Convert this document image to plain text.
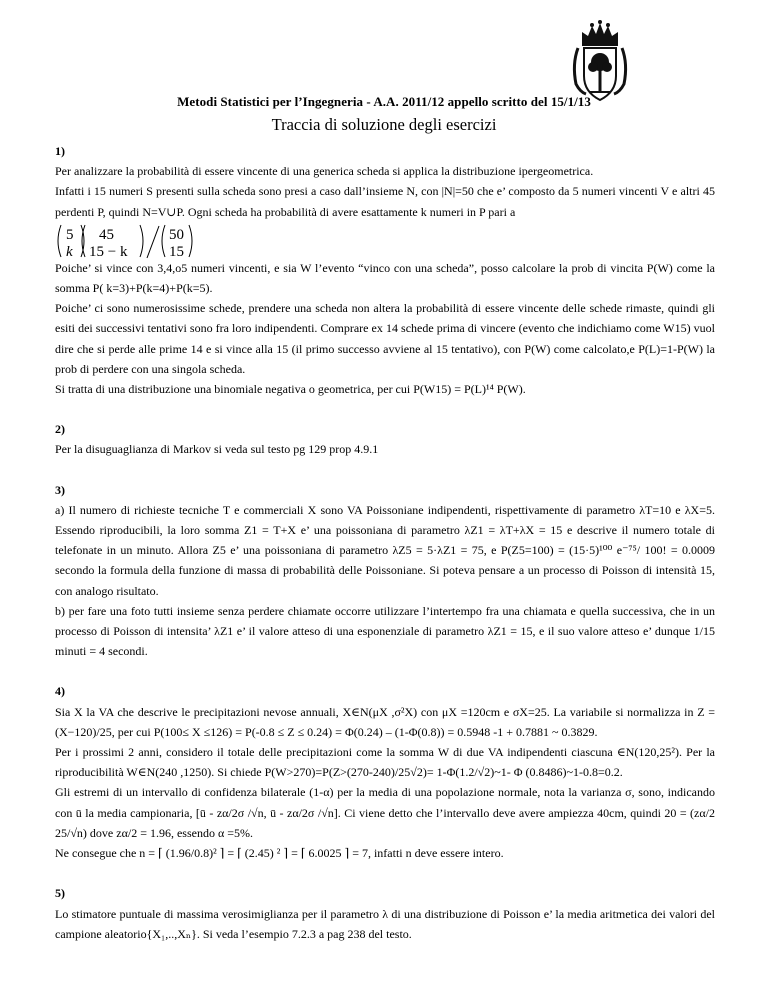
Metodi Statistici per l’Ingegneria - A.A. 2011/12 appello scritto del 15/1/13
Traccia di soluzione degli esercizi

1)

Per analizzare la probabilità di essere vincente di una generica scheda si applica la distribuzione ipergeometrica.

Infatti i 15 numeri S presenti sulla scheda sono presi a caso dall’insieme N, con |N|=50 che e’ composto da 5 numeri vincenti V e altri 45 perdenti P, quindi N=V∪P. Ogni scheda ha probabilità di avere esattamente k numeri in P pari a

5
k
45
15 − k
50
15

Poiche’ si vince con 3,4,o5 numeri vincenti, e sia W l’evento “vinco con una scheda”, posso calcolare la prob di vincita P(W) come la somma P( k=3)+P(k=4)+P(k=5).

Poiche’ ci sono numerosissime schede, prendere una scheda non altera la probabilità di essere vincente delle schede rimaste, quindi gli esiti dei successivi tentativi sono fra loro indipendenti. Comprare ex 14 schede prima di vincere (evento che indichiamo come W15) vuol dire che si perde alle prime 14 e si vince alla 15 (il primo successo avviene al 15 tentativo), con P(W) come calcolato,e P(L)=1-P(W) la prob di perdere con una singola scheda.

Si tratta di una distribuzione una binomiale negativa o geometrica, per cui P(W15) = P(L)¹⁴ P(W).

2)

Per la disuguaglianza di Markov si veda sul testo pg 129 prop 4.9.1

3)

a) Il numero di richieste tecniche T e commerciali X sono VA Poissoniane indipendenti, rispettivamente di parametro λT=10 e λX=5. Essendo riproducibili, la loro somma Z1 = T+X e’ una poissoniana di parametro λZ1 = λT+λX = 15 e descrive il numero totale di telefonate in un minuto. Allora Z5 e’ una poissoniana di parametro λZ5 = 5·λZ1 = 75, e P(Z5=100) = (15·5)¹⁰⁰ e⁻⁷⁵/ 100! = 0.0009 secondo la formula della funzione di massa di probabilità delle Poissoniane. Si poteva pensare a un processo di Poisson di intensità 15, con analogo risultato.

b) per fare una foto tutti insieme senza perdere chiamate occorre utilizzare l’intertempo fra una chiamata e quella successiva, che in un processo di Poisson di intensita’ λZ1 e’ il valore atteso di una esponenziale di parametro λZ1 = 15, e il suo valore atteso e’ dunque 1/15 minuti = 4 secondi.

4)

Sia X la VA che descrive le precipitazioni nevose annuali, X∈N(μX ,σ²X) con μX =120cm e σX=25. La variabile si normalizza in Z = (X−120)/25, per cui P(100≤ X ≤126) = P(-0.8 ≤ Z ≤ 0.24) = Φ(0.24) – (1-Φ(0.8)) = 0.5948 -1 + 0.7881 ~ 0.3829.

Per i prossimi 2 anni, considero il totale delle precipitazioni come la somma W di due VA indipendenti ciascuna ∈N(120,25²). Per la riproducibilità W∈N(240 ,1250). Si chiede P(W>270)=P(Z>(270-240)/25√2)= 1-Φ(1.2/√2)~1- Φ (0.8486)~1-0.8=0.2.

Gli estremi di un intervallo di confidenza bilaterale (1-α) per la media di una popolazione normale, nota la varianza σ, sono, indicando con ū la media campionaria, [ū - zα/2σ /√n, ū - zα/2σ /√n]. Ci viene detto che l’intervallo deve avere ampiezza 40cm, quindi 20 = (zα/2 25/√n) dove zα/2 = 1.96, essendo α =5%.

Ne consegue che n = ⌈ (1.96/0.8)² ⌉ = ⌈ (2.45) ² ⌉ = ⌈ 6.0025 ⌉ = 7, infatti n deve essere intero.

5)

Lo stimatore puntuale di massima verosimiglianza per il parametro λ di una distribuzione di Poisson e’ la media aritmetica dei valori del campione aleatorio{X₁,..,Xₙ}. Si veda l’esempio 7.2.3 a pag 238 del testo.
